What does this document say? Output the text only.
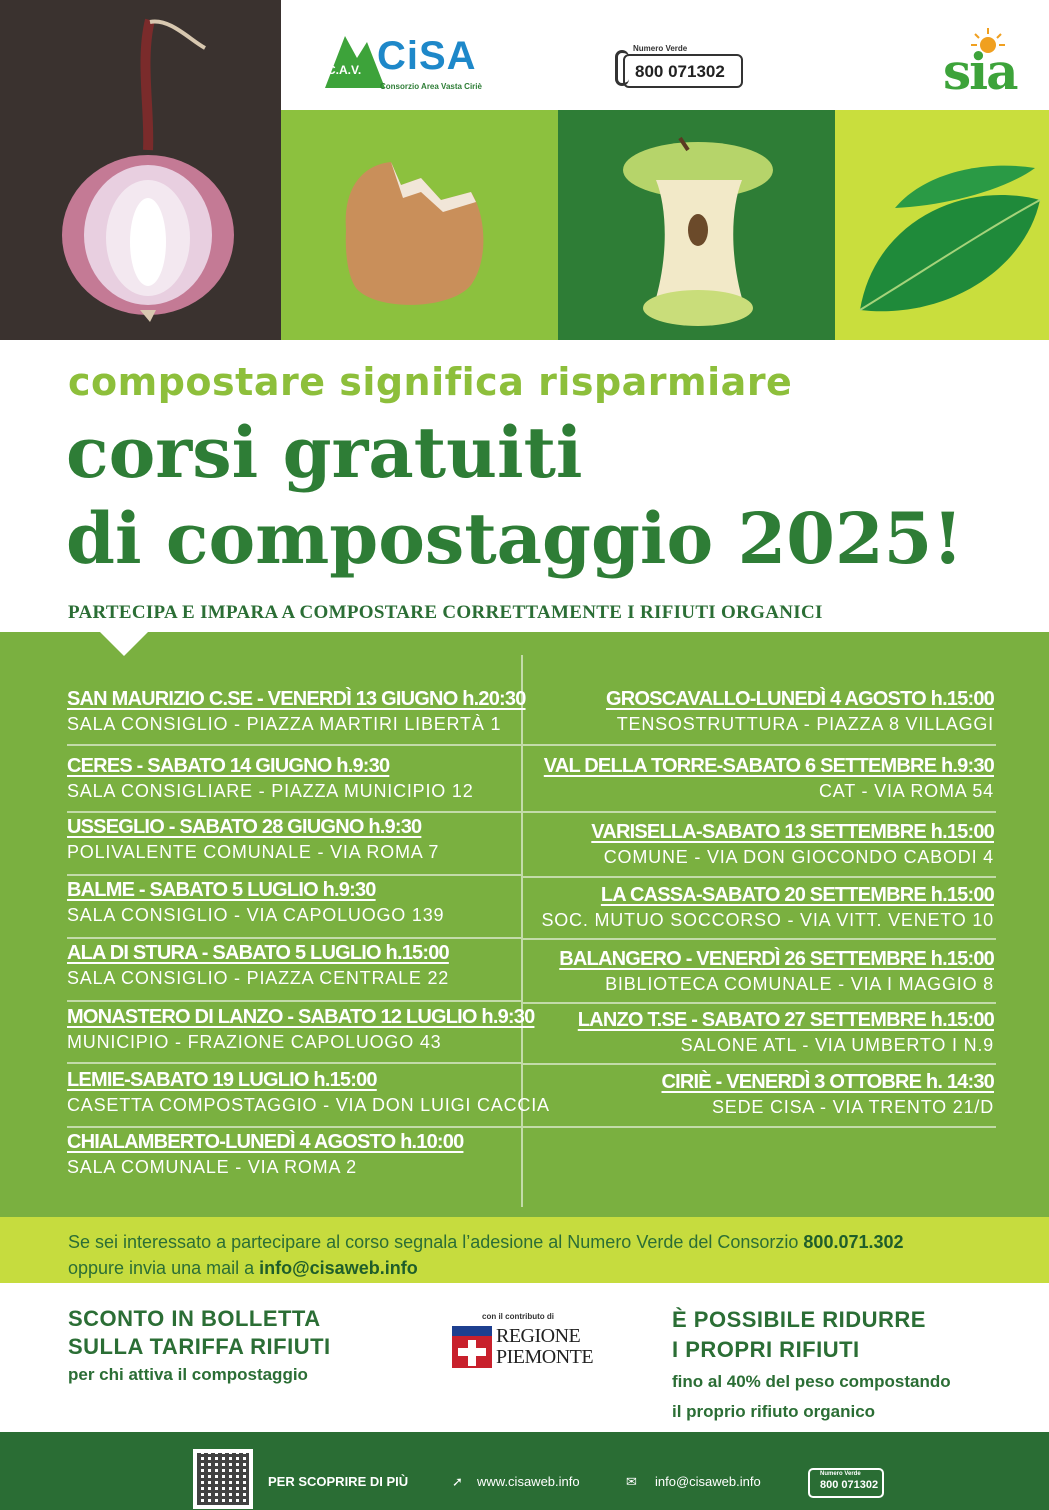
C.A.V. CiSA
Consorzio Area Vasta Ciriè
Numero Verde
800 071302	sia
compostare significa risparmiare
corsi gratuiti
di compostaggio 2025!
PARTECIPA E IMPARA A COMPOSTARE CORRETTAMENTE I RIFIUTI ORGANICI
SAN MAURIZIO C.SE - VENERDÌ 13 GIUGNO h.20:30
SALA CONSIGLIO - PIAZZA MARTIRI LIBERTÀ 1
CERES - SABATO 14 GIUGNO h.9:30
SALA CONSIGLIARE - PIAZZA MUNICIPIO 12
USSEGLIO - SABATO 28 GIUGNO h.9:30
POLIVALENTE COMUNALE - VIA ROMA 7
BALME - SABATO 5 LUGLIO h.9:30
SALA CONSIGLIO - VIA CAPOLUOGO 139
ALA DI STURA - SABATO 5 LUGLIO h.15:00
SALA CONSIGLIO - PIAZZA CENTRALE 22
MONASTERO DI LANZO - SABATO 12 LUGLIO h.9:30
MUNICIPIO - FRAZIONE CAPOLUOGO 43
LEMIE-SABATO 19 LUGLIO h.15:00
CASETTA COMPOSTAGGIO - VIA DON LUIGI CACCIA
CHIALAMBERTO-LUNEDÌ 4 AGOSTO h.10:00
SALA COMUNALE - VIA ROMA 2
GROSCAVALLO-LUNEDÌ 4 AGOSTO h.15:00
TENSOSTRUTTURA - PIAZZA 8 VILLAGGI
VAL DELLA TORRE-SABATO 6 SETTEMBRE h.9:30
CAT - VIA ROMA 54
VARISELLA-SABATO 13 SETTEMBRE h.15:00
COMUNE - VIA DON GIOCONDO CABODI 4
LA CASSA-SABATO 20 SETTEMBRE h.15:00
SOC. MUTUO SOCCORSO - VIA VITT. VENETO 10
BALANGERO - VENERDÌ 26 SETTEMBRE h.15:00
BIBLIOTECA COMUNALE - VIA I MAGGIO 8
LANZO T.SE - SABATO 27 SETTEMBRE h.15:00
SALONE ATL - VIA UMBERTO I N.9
CIRIÈ - VENERDÌ 3 OTTOBRE h. 14:30
SEDE CISA - VIA TRENTO 21/D
Se sei interessato a partecipare al corso segnala l’adesione al Numero Verde del Consorzio 800.071.302
oppure invia una mail a info@cisaweb.info
SCONTO IN BOLLETTA
SULLA TARIFFA RIFIUTI
per chi attiva il compostaggio
con il contributo di
REGIONE
PIEMONTE
È POSSIBILE RIDURRE
I PROPRI RIFIUTI
fino al 40% del peso compostando
il proprio rifiuto organico
PER SCOPRIRE DI PIÙ	➚ www.cisaweb.info	✉ info@cisaweb.info	Numero Verde
800 071302
